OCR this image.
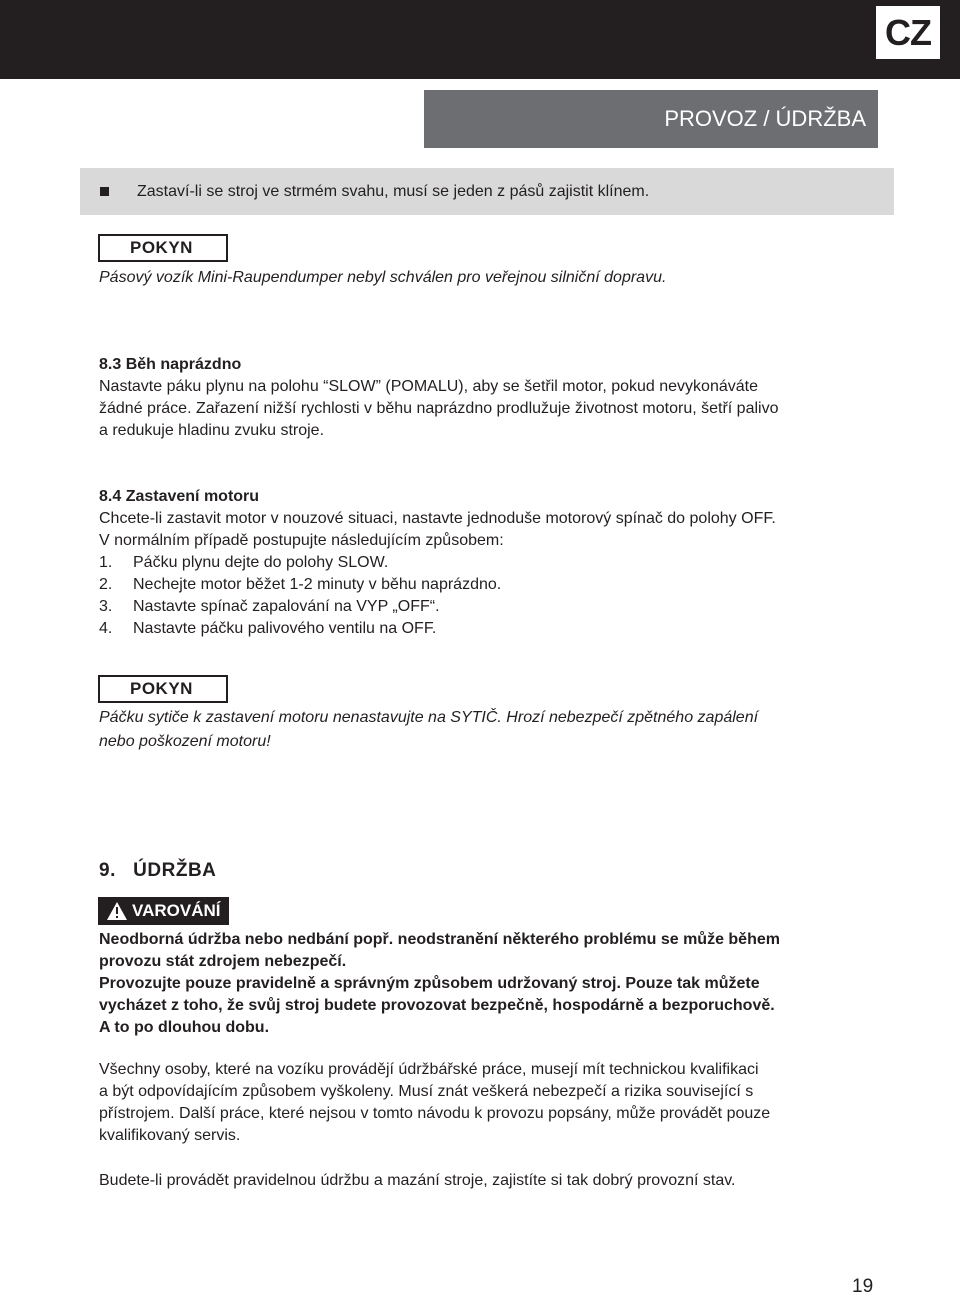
CZ
PROVOZ / ÚDRŽBA
Zastaví-li se stroj ve strmém svahu, musí se jeden z pásů zajistit klínem.
POKYN
Pásový vozík Mini-Raupendumper nebyl schválen pro veřejnou silniční dopravu.

8.3 Běh naprázdno

Nastavte páku plynu na polohu “SLOW” (POMALU), aby se šetřil motor, pokud nevykonáváte

žádné práce. Zařazení nižší rychlosti v běhu naprázdno prodlužuje životnost motoru, šetří palivo

a redukuje hladinu zvuku stroje.

8.4 Zastavení motoru

Chcete-li zastavit motor v nouzové situaci, nastavte jednoduše motorový spínač do polohy OFF.

V normálním případě postupujte následujícím způsobem:

1.	Páčku plynu dejte do polohy SLOW.
2.	Nechejte motor běžet 1-2 minuty v běhu naprázdno.
3.	Nastavte spínač zapalování na VYP „OFF“.
4.	Nastavte páčku palivového ventilu na OFF.
POKYN
Páčku sytiče k zastavení motoru nenastavujte na SYTIČ. Hrozí nebezpečí zpětného zapálení
nebo poškození motoru!
9.   ÚDRŽBA
VAROVÁNÍ

Neodborná údržba nebo nedbání popř. neodstranění některého problému se může během

provozu stát zdrojem nebezpečí.

Provozujte pouze pravidelně a správným způsobem udržovaný stroj. Pouze tak můžete

vycházet z toho, že svůj stroj budete provozovat bezpečně, hospodárně a bezporuchově.

A to po dlouhou dobu.

Všechny osoby, které na vozíku provádějí údržbářské práce, musejí mít technickou kvalifikaci

a být odpovídajícím způsobem vyškoleny. Musí znát veškerá nebezpečí a rizika související s

přístrojem. Další práce, které nejsou v tomto návodu k provozu popsány, může provádět pouze

kvalifikovaný servis.

Budete-li provádět pravidelnou údržbu a mazání stroje, zajistíte si tak dobrý provozní stav.

19
